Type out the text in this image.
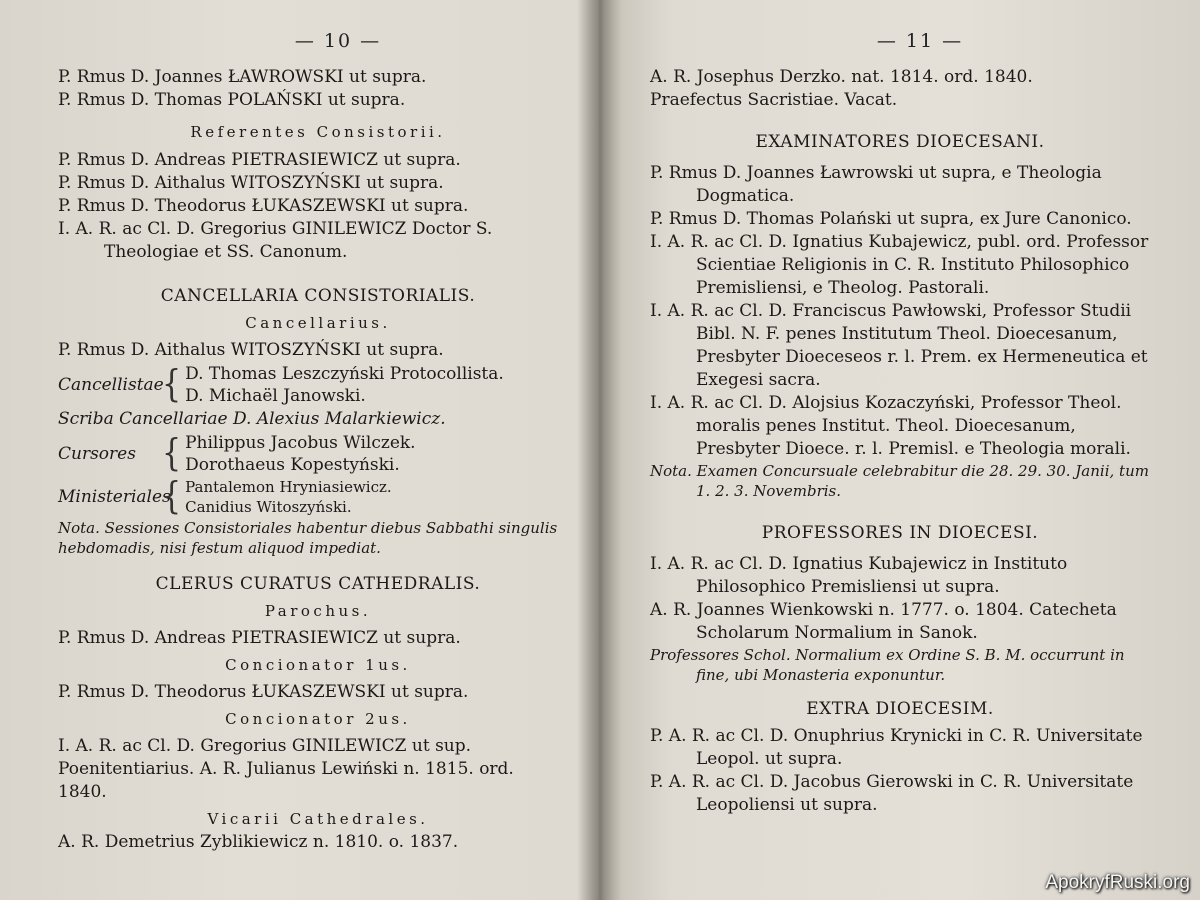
— 10 —
P. Rmus D. Joannes ŁAWROWSKI ut supra.
P. Rmus D. Thomas POLAŃSKI ut supra.
Referentes Consistorii.
P. Rmus D. Andreas PIETRASIEWICZ ut supra.
P. Rmus D. Aithalus WITOSZYŃSKI ut supra.
P. Rmus D. Theodorus ŁUKASZEWSKI ut supra.
I. A. R. ac Cl. D. Gregorius GINILEWICZ Doctor S. Theologiae et SS. Canonum.
CANCELLARIA CONSISTORIALIS.
Cancellarius.
P. Rmus D. Aithalus WITOSZYŃSKI ut supra.
Cancellistae
{ D. Thomas Leszczyński Protocollista.
D. Michaël Janowski.
Scriba Cancellariae D. Alexius Malarkiewicz.
Cursores { Philippus Jacobus Wilczek.
Dorothaeus Kopestyński.
Ministeriales
{ Pantalemon Hryniasiewicz.
Canidius Witoszyński.
Nota. Sessiones Consistoriales habentur diebus Sabbathi singulis hebdomadis, nisi festum aliquod impediat.
CLERUS CURATUS CATHEDRALIS.
Parochus.
P. Rmus D. Andreas PIETRASIEWICZ ut supra.
Concionator 1us.
P. Rmus D. Theodorus ŁUKASZEWSKI ut supra.
Concionator 2us.
I. A. R. ac Cl. D. Gregorius GINILEWICZ ut sup.
Poenitentiarius. A. R. Julianus Lewiński n. 1815. ord. 1840.
Vicarii Cathedrales.
A. R. Demetrius Zyblikiewicz n. 1810. o. 1837.
— 11 —
A. R. Josephus Derzko. nat. 1814. ord. 1840.
Praefectus Sacristiae. Vacat.
EXAMINATORES DIOECESANI.
P. Rmus D. Joannes Ławrowski ut supra, e Theologia Dogmatica.
P. Rmus D. Thomas Polański ut supra, ex Jure Canonico.
I. A. R. ac Cl. D. Ignatius Kubajewicz, publ. ord. Professor Scientiae Religionis in C. R. Instituto Philosophico Premisliensi, e Theolog. Pastorali.
I. A. R. ac Cl. D. Franciscus Pawłowski, Professor Studii Bibl. N. F. penes Institutum Theol. Dioecesanum, Presbyter Dioeceseos r. l. Prem. ex Hermeneutica et Exegesi sacra.
I. A. R. ac Cl. D. Alojsius Kozaczyński, Professor Theol. moralis penes Institut. Theol. Dioecesanum, Presbyter Dioece. r. l. Premisl. e Theologia morali.
Nota. Examen Concursuale celebrabitur die 28. 29. 30. Janii, tum 1. 2. 3. Novembris.
PROFESSORES IN DIOECESI.
I. A. R. ac Cl. D. Ignatius Kubajewicz in Instituto Philosophico Premisliensi ut supra.
A. R. Joannes Wienkowski n. 1777. o. 1804. Catecheta Scholarum Normalium in Sanok.
Professores Schol. Normalium ex Ordine S. B. M. occurrunt in fine, ubi Monasteria exponuntur.
EXTRA DIOECESIM.
P. A. R. ac Cl. D. Onuphrius Krynicki in C. R. Universitate Leopol. ut supra.
P. A. R. ac Cl. D. Jacobus Gierowski in C. R. Universitate Leopoliensi ut supra.
ApokryfRuski.org
